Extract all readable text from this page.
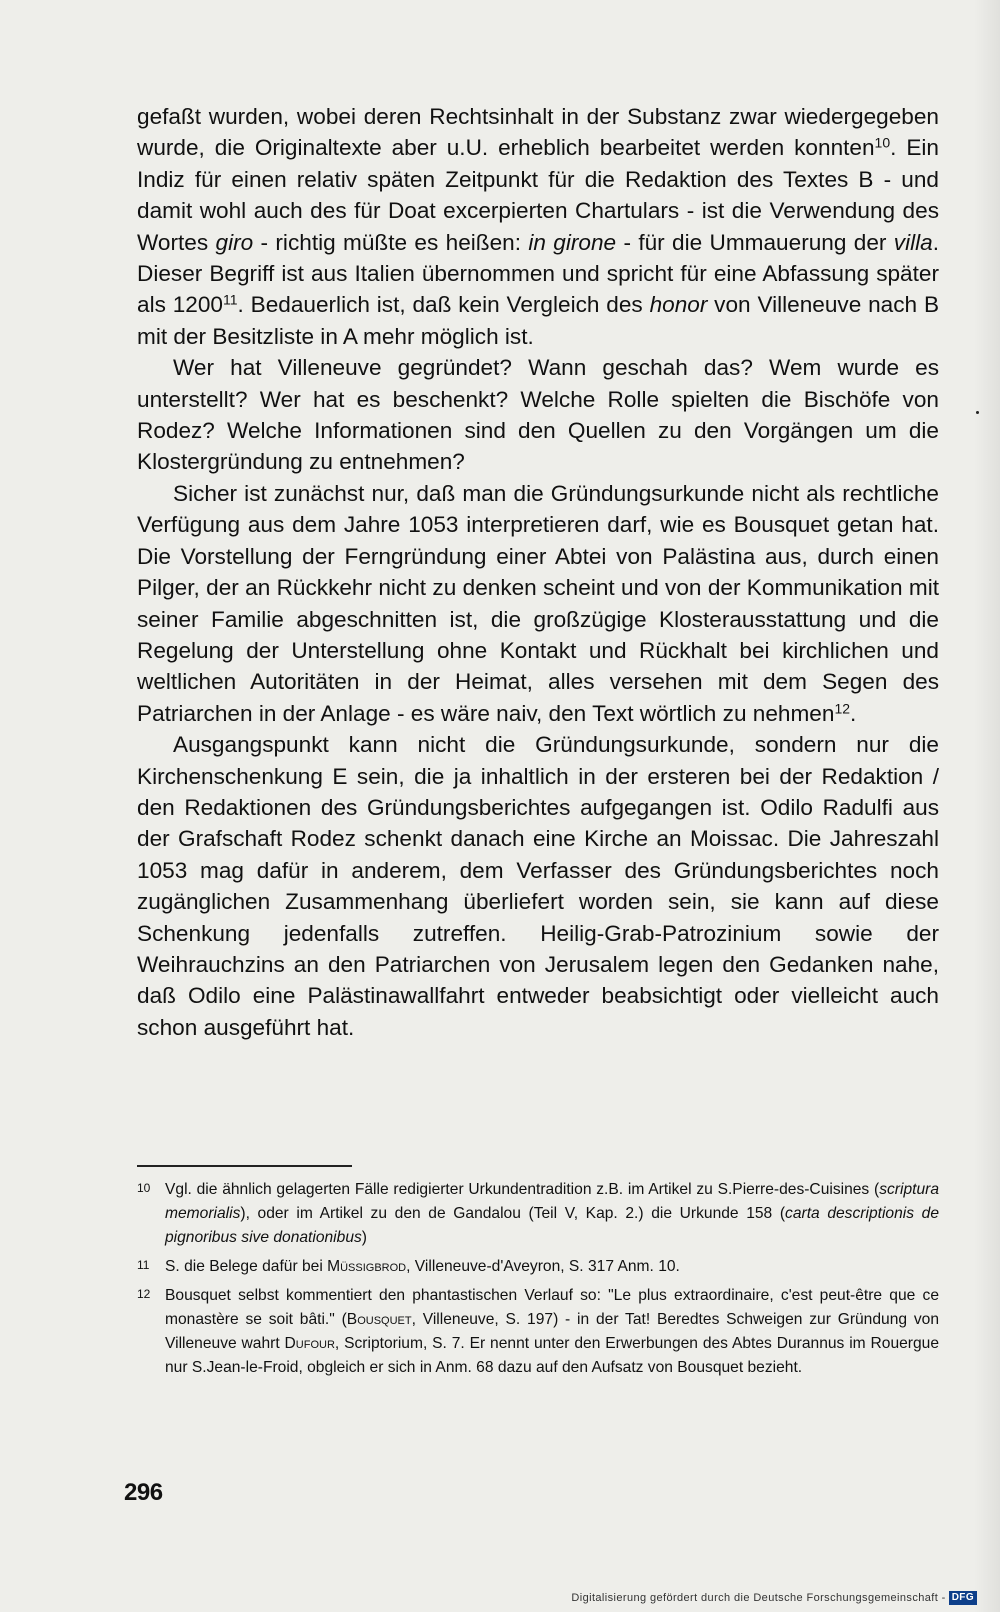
gefaßt wurden, wobei deren Rechtsinhalt in der Substanz zwar wiedergegeben wurde, die Originaltexte aber u.U. erheblich bearbeitet werden konnten$^{10}$. Ein Indiz für einen relativ späten Zeitpunkt für die Redaktion des Textes B - und damit wohl auch des für Doat excerpierten Chartulars - ist die Verwendung des Wortes giro - richtig müßte es heißen: in girone - für die Ummauerung der villa. Dieser Begriff ist aus Italien übernommen und spricht für eine Abfassung später als 1200$^{11}$. Bedauerlich ist, daß kein Vergleich des honor von Villeneuve nach B mit der Besitzliste in A mehr möglich ist.

Wer hat Villeneuve gegründet? Wann geschah das? Wem wurde es unterstellt? Wer hat es beschenkt? Welche Rolle spielten die Bischöfe von Rodez? Welche Informationen sind den Quellen zu den Vorgängen um die Klostergründung zu entnehmen?

Sicher ist zunächst nur, daß man die Gründungsurkunde nicht als rechtliche Verfügung aus dem Jahre 1053 interpretieren darf, wie es Bousquet getan hat. Die Vorstellung der Ferngründung einer Abtei von Palästina aus, durch einen Pilger, der an Rückkehr nicht zu denken scheint und von der Kommunikation mit seiner Familie abgeschnitten ist, die großzügige Klosterausstattung und die Regelung der Unterstellung ohne Kontakt und Rückhalt bei kirchlichen und weltlichen Autoritäten in der Heimat, alles versehen mit dem Segen des Patriarchen in der Anlage - es wäre naiv, den Text wörtlich zu nehmen$^{12}$.

Ausgangspunkt kann nicht die Gründungsurkunde, sondern nur die Kirchenschenkung E sein, die ja inhaltlich in der ersteren bei der Redaktion / den Redaktionen des Gründungsberichtes aufgegangen ist. Odilo Radulfi aus der Grafschaft Rodez schenkt danach eine Kirche an Moissac. Die Jahreszahl 1053 mag dafür in anderem, dem Verfasser des Gründungsberichtes noch zugänglichen Zusammenhang überliefert worden sein, sie kann auf diese Schenkung jedenfalls zutreffen. Heilig-Grab-Patrozinium sowie der Weihrauchzins an den Patriarchen von Jerusalem legen den Gedanken nahe, daß Odilo eine Palästinawallfahrt entweder beabsichtigt oder vielleicht auch schon ausgeführt hat.

10 Vgl. die ähnlich gelagerten Fälle redigierter Urkundentradition z.B. im Artikel zu S.Pierre-des-Cuisines (scriptura memorialis), oder im Artikel zu den de Gandalou (Teil V, Kap. 2.) die Urkunde 158 (carta descriptionis de pignoribus sive donationibus)
11 S. die Belege dafür bei Müssigbrod, Villeneuve-d'Aveyron, S. 317 Anm. 10.
12 Bousquet selbst kommentiert den phantastischen Verlauf so: "Le plus extraordinaire, c'est peut-être que ce monastère se soit bâti." (Bousquet, Villeneuve, S. 197) - in der Tat! Beredtes Schweigen zur Gründung von Villeneuve wahrt Dufour, Scriptorium, S. 7. Er nennt unter den Erwerbungen des Abtes Durannus im Rouergue nur S.Jean-le-Froid, obgleich er sich in Anm. 68 dazu auf den Aufsatz von Bousquet bezieht.
296
Digitalisierung gefördert durch die Deutsche Forschungsgemeinschaft - DFG
